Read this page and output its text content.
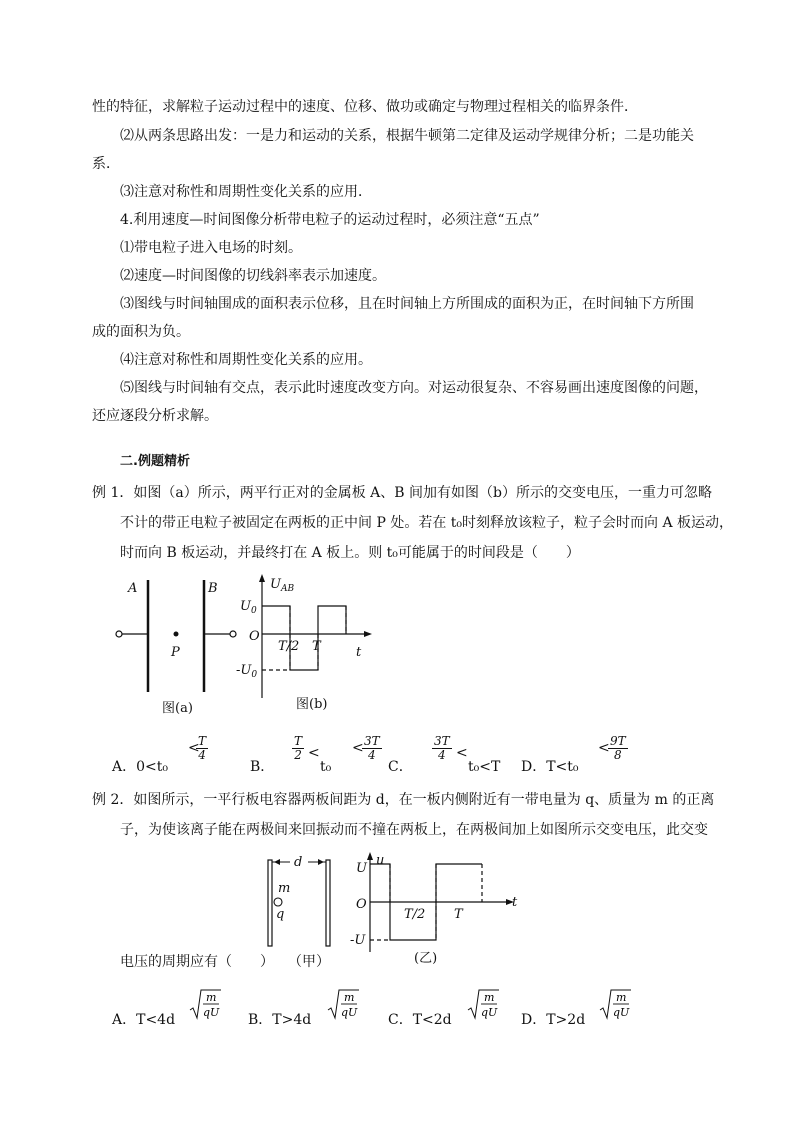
性的特征，求解粒子运动过程中的速度、位移、做功或确定与物理过程相关的临界条件．
⑵从两条思路出发：一是力和运动的关系，根据牛顿第二定律及运动学规律分析；二是功能关
系．
⑶注意对称性和周期性变化关系的应用．
4.利用速度—时间图像分析带电粒子的运动过程时，必须注意“五点”
⑴带电粒子进入电场的时刻。
⑵速度—时间图像的切线斜率表示加速度。
⑶图线与时间轴围成的面积表示位移，且在时间轴上方所围成的面积为正，在时间轴下方所围
成的面积为负。
⑷注意对称性和周期性变化关系的应用。
⑸图线与时间轴有交点，表示此时速度改变方向。对运动很复杂、不容易画出速度图像的问题，
还应逐段分析求解。
二.例题精析
例 1．如图（a）所示，两平行正对的金属板 A、B 间加有如图（b）所示的交变电压，一重力可忽略
不计的带正电粒子被固定在两板的正中间 P 处。若在 t₀时刻释放该粒子，粒子会时而向 A 板运动，
时而向 B 板运动，并最终打在 A 板上。则 t₀可能属于的时间段是（　　）
A	B
P
图(a)
$U_{AB}$
$U_0$
O
$-U_0$
T/2 T	t
图(b)
A．0<t₀
<
$\frac{T}{4}$
B．
$\frac{T}{2}$ <
t₀
<
$\frac{3T}{4}$
C．
$\frac{3T}{4}$ <
t₀<T D．T<t₀
<
$\frac{9T}{8}$
例 2．如图所示，一平行板电容器两板间距为 d，在一板内侧附近有一带电量为 q、质量为 m 的正离
子，为使该离子能在两极间来回振动而不撞在两板上，在两极间加上如图所示交变电压，此交变
d
m
q
u
U
O
-U
T/2 T
t
(乙)
电压的周期应有（　　） （甲）
A．T<4d
m
qU B．T>4d
m
qU C．T<2d
m
qU D．T>2d
m
qU
